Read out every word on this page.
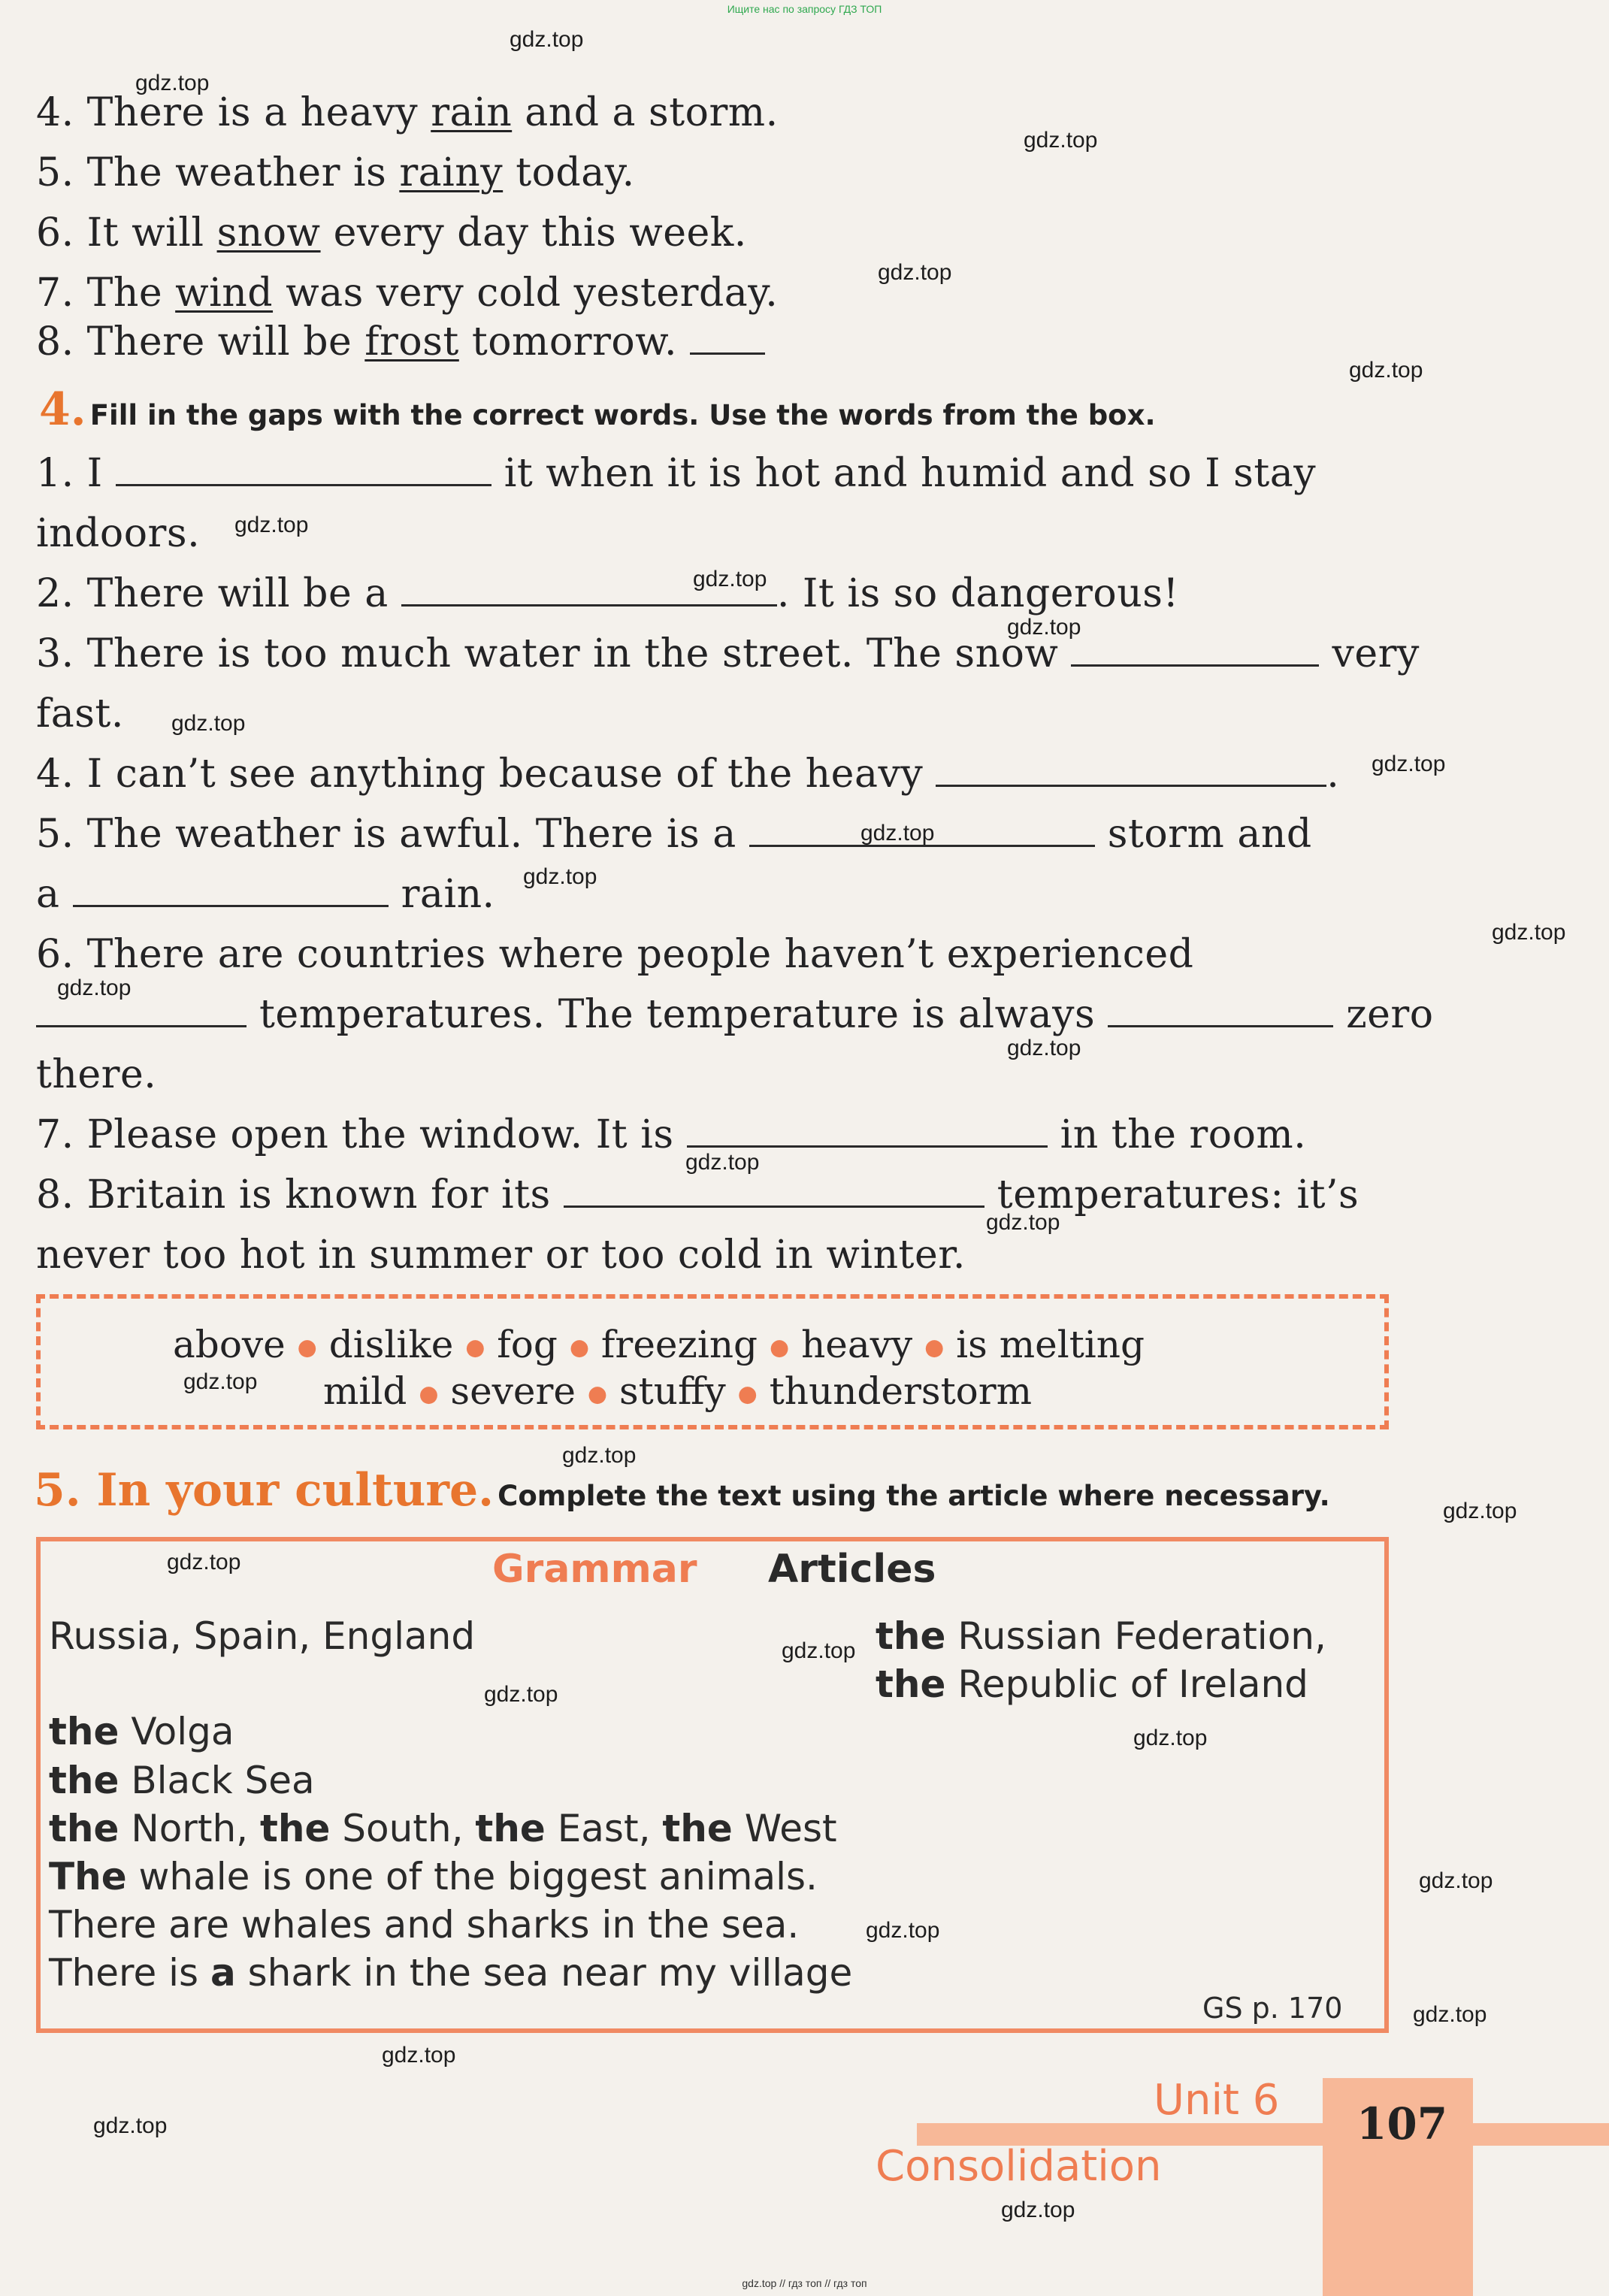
Ищите нас по запросу ГДЗ ТОП
4. There is a heavy rain and a storm.
5. The weather is rainy today.
6. It will snow every day this week.
7. The wind was very cold yesterday.
8. There will be frost tomorrow.
4. Fill in the gaps with the correct words. Use the words from the box.
1. I	it when it is hot and humid and so I stay
indoors.
2. There will be a	. It is so dangerous!
3. There is too much water in the street. The snow	very
fast.
4. I can’t see anything because of the heavy	.
5. The weather is awful. There is a	storm and
a	rain.
6. There are countries where people haven’t experienced
temperatures. The temperature is always	zero
there.
7. Please open the window. It is	in the room.
8. Britain is known for its	temperatures: it’s
never too hot in summer or too cold in winter.
above ● dislike ● fog ● freezing ● heavy ● is melting
mild ● severe ● stuffy ● thunderstorm
5. In your culture. Complete the text using the article where necessary.
Grammar Articles
Russia, Spain, England	the Russian Federation,
the Republic of Ireland
the Volga
the Black Sea
the North, the South, the East, the West
The whale is one of the biggest animals.
There are whales and sharks in the sea.
There is a shark in the sea near my village
GS p. 170
Unit 6
Consolidation
107
gdz.top
gdz.top
gdz.top
gdz.top
gdz.top
gdz.top
gdz.top
gdz.top
gdz.top
gdz.top
gdz.top
gdz.top
gdz.top
gdz.top
gdz.top
gdz.top
gdz.top
gdz.top
gdz.top
gdz.top
gdz.top
gdz.top
gdz.top
gdz.top
gdz.top
gdz.top
gdz.top
gdz.top
gdz.top
gdz.top
gdz.top // гдз топ // гдз топ
